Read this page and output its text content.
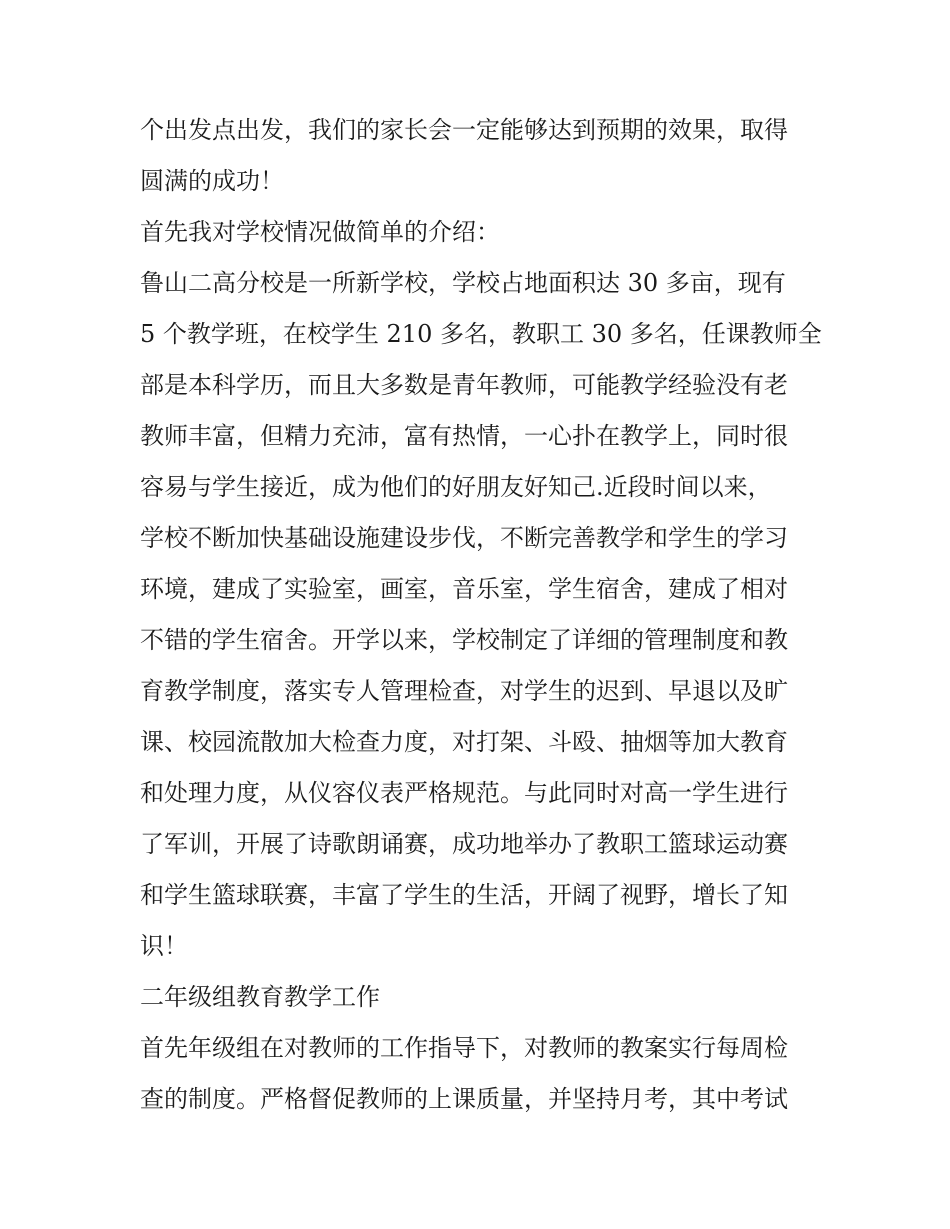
个出发点出发，我们的家长会一定能够达到预期的效果，取得
圆满的成功！
首先我对学校情况做简单的介绍：
鲁山二高分校是一所新学校，学校占地面积达 30 多亩，现有
5 个教学班，在校学生 210 多名，教职工 30 多名，任课教师全
部是本科学历，而且大多数是青年教师，可能教学经验没有老
教师丰富，但精力充沛，富有热情，一心扑在教学上，同时很
容易与学生接近，成为他们的好朋友好知己.近段时间以来，
学校不断加快基础设施建设步伐，不断完善教学和学生的学习
环境，建成了实验室，画室，音乐室，学生宿舍，建成了相对
不错的学生宿舍。开学以来，学校制定了详细的管理制度和教
育教学制度，落实专人管理检查，对学生的迟到、早退以及旷
课、校园流散加大检查力度，对打架、斗殴、抽烟等加大教育
和处理力度，从仪容仪表严格规范。与此同时对高一学生进行
了军训，开展了诗歌朗诵赛，成功地举办了教职工篮球运动赛
和学生篮球联赛，丰富了学生的生活，开阔了视野，增长了知
识！
二年级组教育教学工作
首先年级组在对教师的工作指导下，对教师的教案实行每周检
查的制度。严格督促教师的上课质量，并坚持月考，其中考试
